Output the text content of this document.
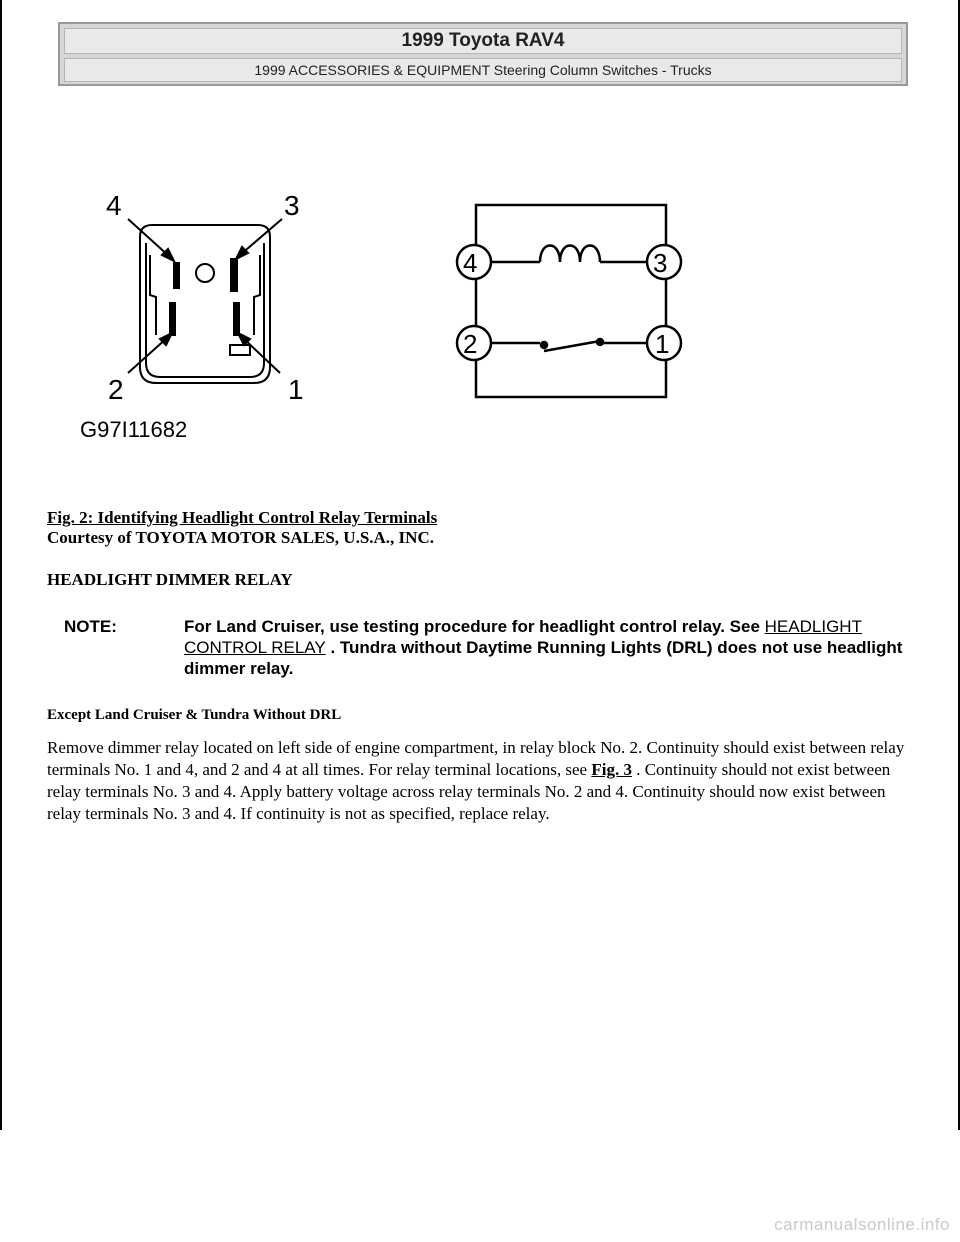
1999 Toyota RAV4
1999 ACCESSORIES & EQUIPMENT Steering Column Switches - Trucks
4	3
2	1
G97I11682
4	3
2	1
Fig. 2: Identifying Headlight Control Relay Terminals
Courtesy of TOYOTA MOTOR SALES, U.S.A., INC.
HEADLIGHT DIMMER RELAY
NOTE:	For Land Cruiser, use testing procedure for headlight control relay. See HEADLIGHT CONTROL RELAY . Tundra without Daytime Running Lights (DRL) does not use headlight dimmer relay.
Except Land Cruiser & Tundra Without DRL
Remove dimmer relay located on left side of engine compartment, in relay block No. 2. Continuity should exist between relay terminals No. 1 and 4, and 2 and 4 at all times. For relay terminal locations, see Fig. 3 . Continuity should not exist between relay terminals No. 3 and 4. Apply battery voltage across relay terminals No. 2 and 4. Continuity should now exist between relay terminals No. 3 and 4. If continuity is not as specified, replace relay.
carmanualsonline.info
